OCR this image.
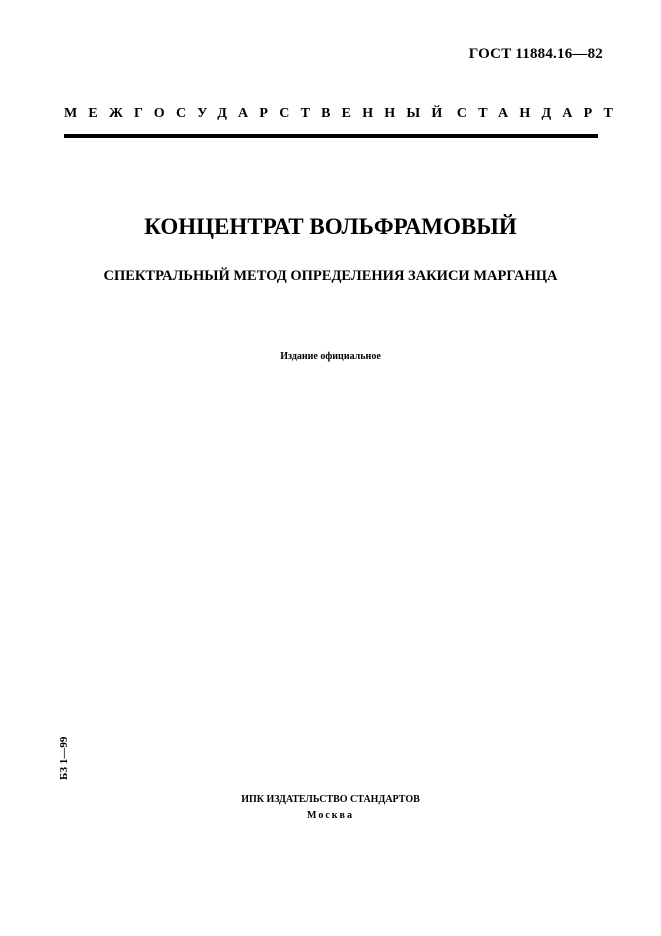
ГОСТ 11884.16—82
МЕЖГОСУДАРСТВЕННЫЙ СТАНДАРТ
КОНЦЕНТРАТ ВОЛЬФРАМОВЫЙ
СПЕКТРАЛЬНЫЙ МЕТОД ОПРЕДЕЛЕНИЯ ЗАКИСИ МАРГАНЦА
Издание официальное
БЗ 1—99
ИПК ИЗДАТЕЛЬСТВО СТАНДАРТОВ
Москва
